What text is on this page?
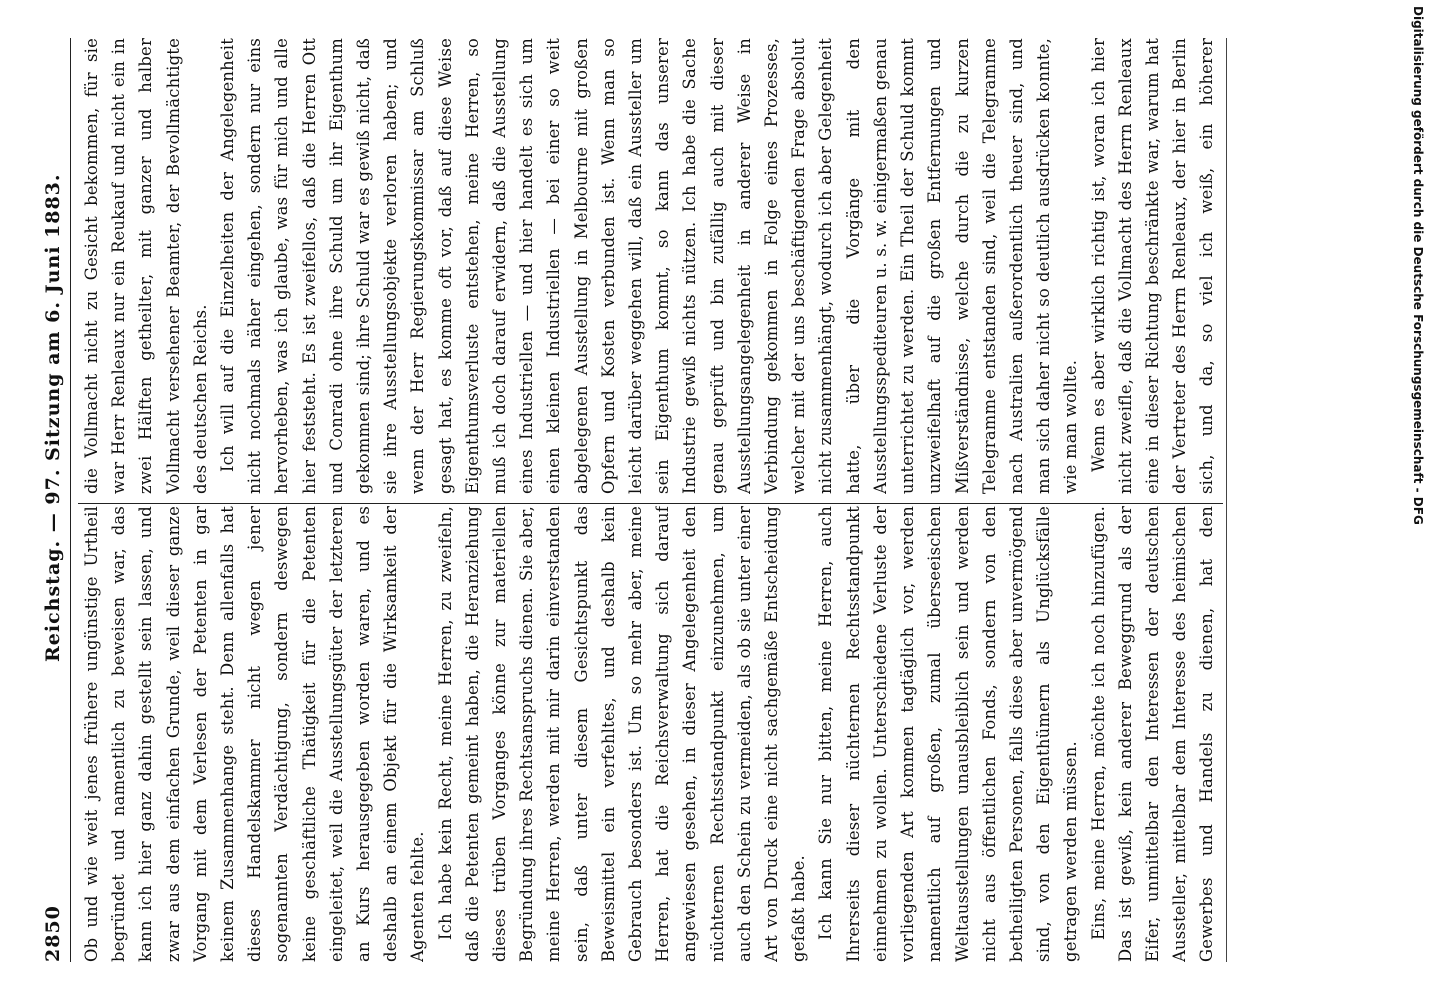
2850
Reichstag. — 97. Sitzung am 6. Juni 1883.

Ob und wie weit jenes frühere ungünstige Urtheil begründet und namentlich zu beweisen war, das kann ich hier ganz dahin gestellt sein lassen, und zwar aus dem einfachen Grunde, weil dieser ganze Vorgang mit dem Verlesen der Petenten in gar keinem Zusammenhange steht. Denn allenfalls hat dieses Handelskammer nicht wegen jener sogenannten Verdächtigung, sondern deswegen keine geschäftliche Thätigkeit für die Petenten eingeleitet, weil die Ausstellungsgüter der letzteren an Kurs herausgegeben worden waren, und es deshalb an einem Objekt für die Wirksamkeit der Agenten fehlte. Ich habe kein Recht, meine Herren, zu zweifeln, daß die Petenten gemeint haben, die Heranziehung dieses trüben Vorganges könne zur materiellen Begründung ihres Rechtsanspruchs dienen. Sie aber, meine Herren, werden mit mir darin einverstanden sein, daß unter diesem Gesichtspunkt das Beweismittel ein verfehltes, und deshalb kein Gebrauch besonders ist. Um so mehr aber, meine Herren, hat die Reichsverwaltung sich darauf angewiesen gesehen, in dieser Angelegenheit den nüchternen Rechtsstandpunkt einzunehmen, um auch den Schein zu vermeiden, als ob sie unter einer Art von Druck eine nicht sachgemäße Entscheidung gefaßt habe. Ich kann Sie nur bitten, meine Herren, auch Ihrerseits dieser nüchternen Rechtsstandpunkt einnehmen zu wollen. Unterschiedene Verluste der vorliegenden Art kommen tagtäglich vor, werden namentlich auf großen, zumal überseeischen Weltausstellungen unausbleiblich sein und werden nicht aus öffentlichen Fonds, sondern von den betheiligten Personen, falls diese aber unvermögend sind, von den Eigenthümern als Unglücksfälle getragen werden müssen. Eins, meine Herren, möchte ich noch hinzufügen. Das ist gewiß, kein anderer Beweggrund als der Eifer, unmittelbar den Interessen der deutschen Aussteller, mittelbar dem Interesse des heimischen Gewerbes und Handels zu dienen, hat den

die Vollmacht nicht zu Gesicht bekommen, für sie war Herr Renleaux nur ein Reukauf und nicht ein in zwei Hälften getheilter, mit ganzer und halber Vollmacht versehener Beamter, der Bevollmächtigte des deutschen Reichs. Ich will auf die Einzelheiten der Angelegenheit nicht nochmals näher eingehen, sondern nur eins hervorheben, was ich glaube, was für mich und alle hier feststeht. Es ist zweifellos, daß die Herren Ott und Conradi ohne ihre Schuld um ihr Eigenthum gekommen sind; ihre Schuld war es gewiß nicht, daß sie ihre Ausstellungsobjekte verloren haben; und wenn der Herr Regierungskommissar am Schluß gesagt hat, es komme oft vor, daß auf diese Weise Eigenthumsverluste entstehen, meine Herren, so muß ich doch darauf erwidern, daß die Ausstellung eines Industriellen — und hier handelt es sich um einen kleinen Industriellen — bei einer so weit abgelegenen Ausstellung in Melbourne mit großen Opfern und Kosten verbunden ist. Wenn man so leicht darüber weggehen will, daß ein Aussteller um sein Eigenthum kommt, so kann das unserer Industrie gewiß nichts nützen. Ich habe die Sache genau geprüft und bin zufällig auch mit dieser Ausstellungsangelegenheit in anderer Weise in Verbindung gekommen in Folge eines Prozesses, welcher mit der uns beschäftigenden Frage absolut nicht zusammenhängt, wodurch ich aber Gelegenheit hatte, über die Vorgänge mit den Ausstellungsspediteuren u. s. w. einigermaßen genau unterrichtet zu werden. Ein Theil der Schuld kommt unzweifelhaft auf die großen Entfernungen und Mißverständnisse, welche durch die zu kurzen Telegramme entstanden sind, weil die Telegramme nach Australien außerordentlich theuer sind, und man sich daher nicht so deutlich ausdrücken konnte, wie man wollte. Wenn es aber wirklich richtig ist, woran ich hier nicht zweifle, daß die Vollmacht des Herrn Renleaux eine in dieser Richtung beschränkte war, warum hat der Vertreter des Herrn Renleaux, der hier in Berlin sich, und da, so viel ich weiß, ein höherer	Digitalisierung gefördert durch die Deutsche Forschungsgemeinschaft - DFG
